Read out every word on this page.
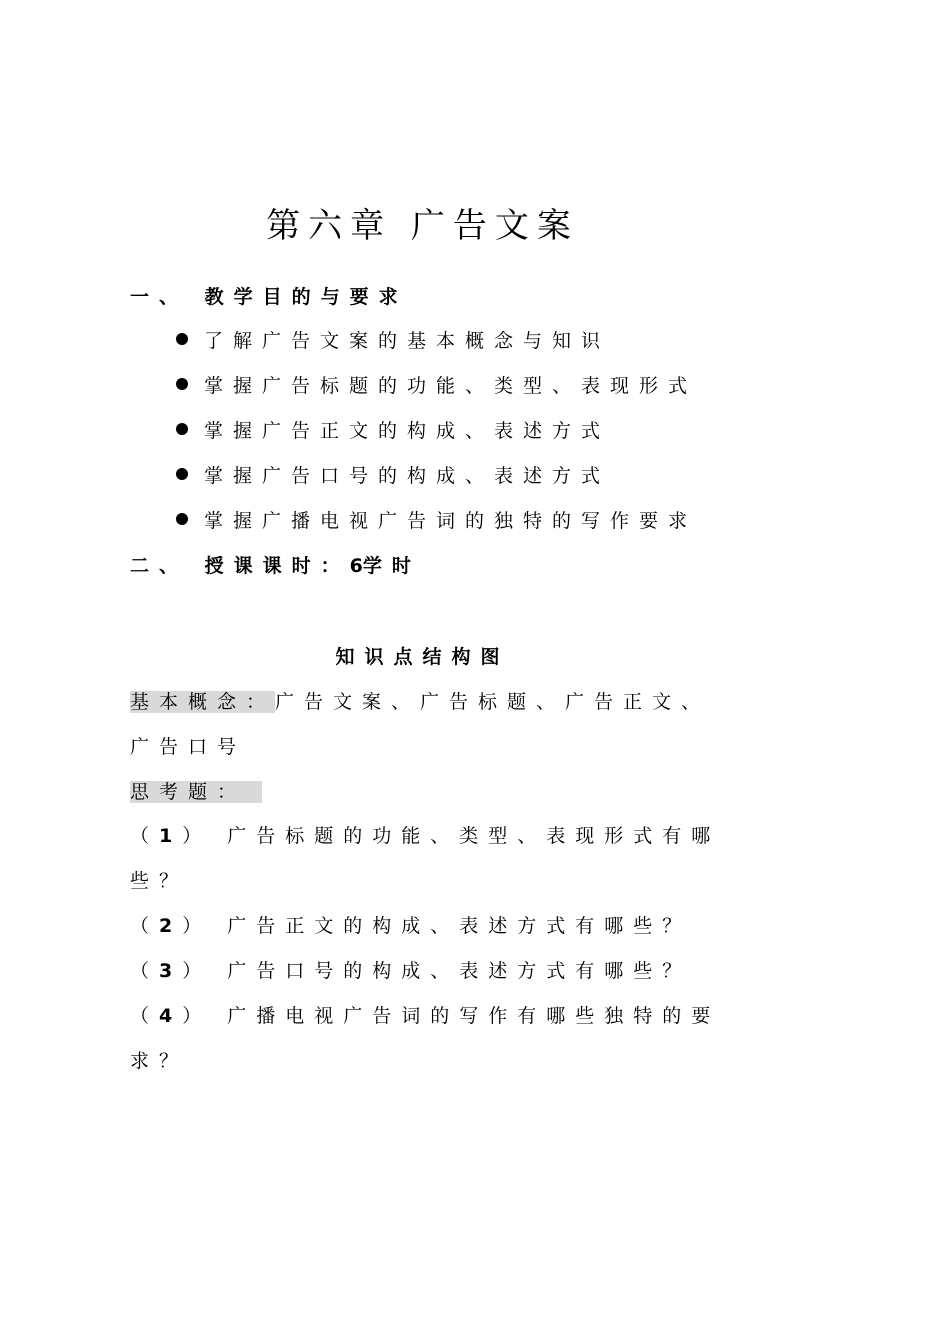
第六章 广告文案
一、 教学目的与要求
了解广告文案的基本概念与知识
掌握广告标题的功能、类型、表现形式
掌握广告正文的构成、表述方式
掌握广告口号的构成、表述方式
掌握广播电视广告词的独特的写作要求
二、 授课课时：6学时
知识点结构图
基本概念：广告文案、广告标题、广告正文、
广告口号
思考题：
（1） 广告标题的功能、类型、表现形式有哪
些？
（2） 广告正文的构成、表述方式有哪些？
（3） 广告口号的构成、表述方式有哪些？
（4） 广播电视广告词的写作有哪些独特的要
求？
